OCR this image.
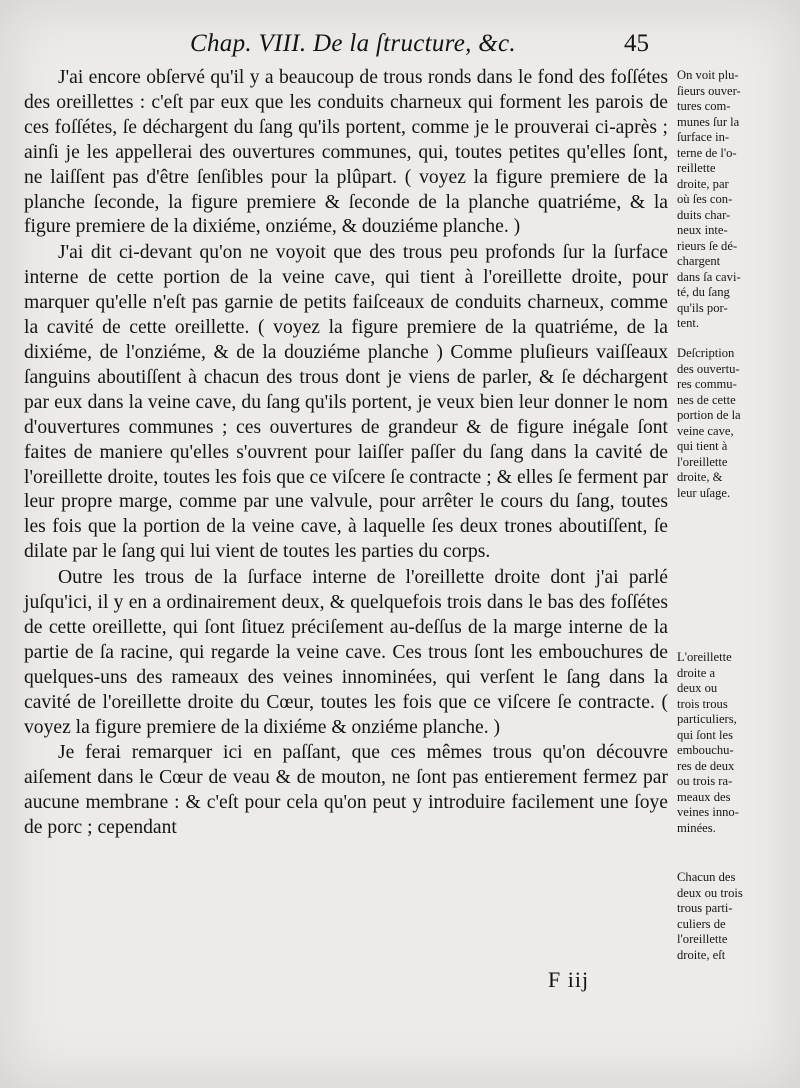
Chap. VIII. De la ſtructure, &c.	45

J'ai encore obſervé qu'il y a beaucoup de trous ronds dans le fond des foſſétes des oreillettes : c'eſt par eux que les conduits charneux qui forment les parois de ces foſſétes, ſe déchargent du ſang qu'ils portent, comme je le prouverai ci-après ; ainſi je les appellerai des ouvertures communes, qui, toutes petites qu'elles ſont, ne laiſſent pas d'être ſenſibles pour la plûpart. ( voyez la figure premiere de la planche ſeconde, la figure premiere & ſeconde de la planche quatriéme, & la figure premiere de la dixiéme, onziéme, & douziéme planche. )

J'ai dit ci-devant qu'on ne voyoit que des trous peu profonds ſur la ſurface interne de cette portion de la veine cave, qui tient à l'oreillette droite, pour marquer qu'elle n'eſt pas garnie de petits faiſceaux de conduits charneux, comme la cavité de cette oreillette. ( voyez la figure premiere de la quatriéme, de la dixiéme, de l'onziéme, & de la douziéme planche ) Comme pluſieurs vaiſſeaux ſanguins aboutiſſent à chacun des trous dont je viens de parler, & ſe déchargent par eux dans la veine cave, du ſang qu'ils portent, je veux bien leur donner le nom d'ouvertures communes ; ces ouvertures de grandeur & de figure inégale ſont faites de maniere qu'elles s'ouvrent pour laiſſer paſſer du ſang dans la cavité de l'oreillette droite, toutes les fois que ce viſcere ſe contracte ; & elles ſe ferment par leur propre marge, comme par une valvule, pour arrêter le cours du ſang, toutes les fois que la portion de la veine cave, à laquelle ſes deux trones aboutiſſent, ſe dilate par le ſang qui lui vient de toutes les parties du corps.

Outre les trous de la ſurface interne de l'oreillette droite dont j'ai parlé juſqu'ici, il y en a ordinairement deux, & quelquefois trois dans le bas des foſſétes de cette oreillette, qui ſont ſituez préciſement au-deſſus de la marge interne de la partie de ſa racine, qui regarde la veine cave. Ces trous ſont les embouchures de quelques-uns des rameaux des veines innominées, qui verſent le ſang dans la cavité de l'oreillette droite du Cœur, toutes les fois que ce viſcere ſe contracte. ( voyez la figure premiere de la dixiéme & onziéme planche. )

Je ferai remarquer ici en paſſant, que ces mêmes trous qu'on découvre aiſement dans le Cœur de veau & de mouton, ne ſont pas entierement fermez par aucune membrane : & c'eſt pour cela qu'on peut y introduire facilement une ſoye de porc ; cependant

On voit plu-
ſieurs ouver-
tures com-
munes ſur la
ſurface in-
terne de l'o-
reillette
droite, par
où ſes con-
duits char-
neux inte-
rieurs ſe dé-
chargent
dans ſa cavi-
té, du ſang
qu'ils por-
tent.
Deſcription
des ouvertu-
res commu-
nes de cette
portion de la
veine cave,
qui tient à
l'oreillette
droite, &
leur uſage.
L'oreillette
droite a
deux ou
trois trous
particuliers,
qui ſont les
embouchu-
res de deux
ou trois ra-
meaux des
veines inno-
minées.
Chacun des
deux ou trois
trous parti-
culiers de
l'oreillette
droite, eſt
F iij
